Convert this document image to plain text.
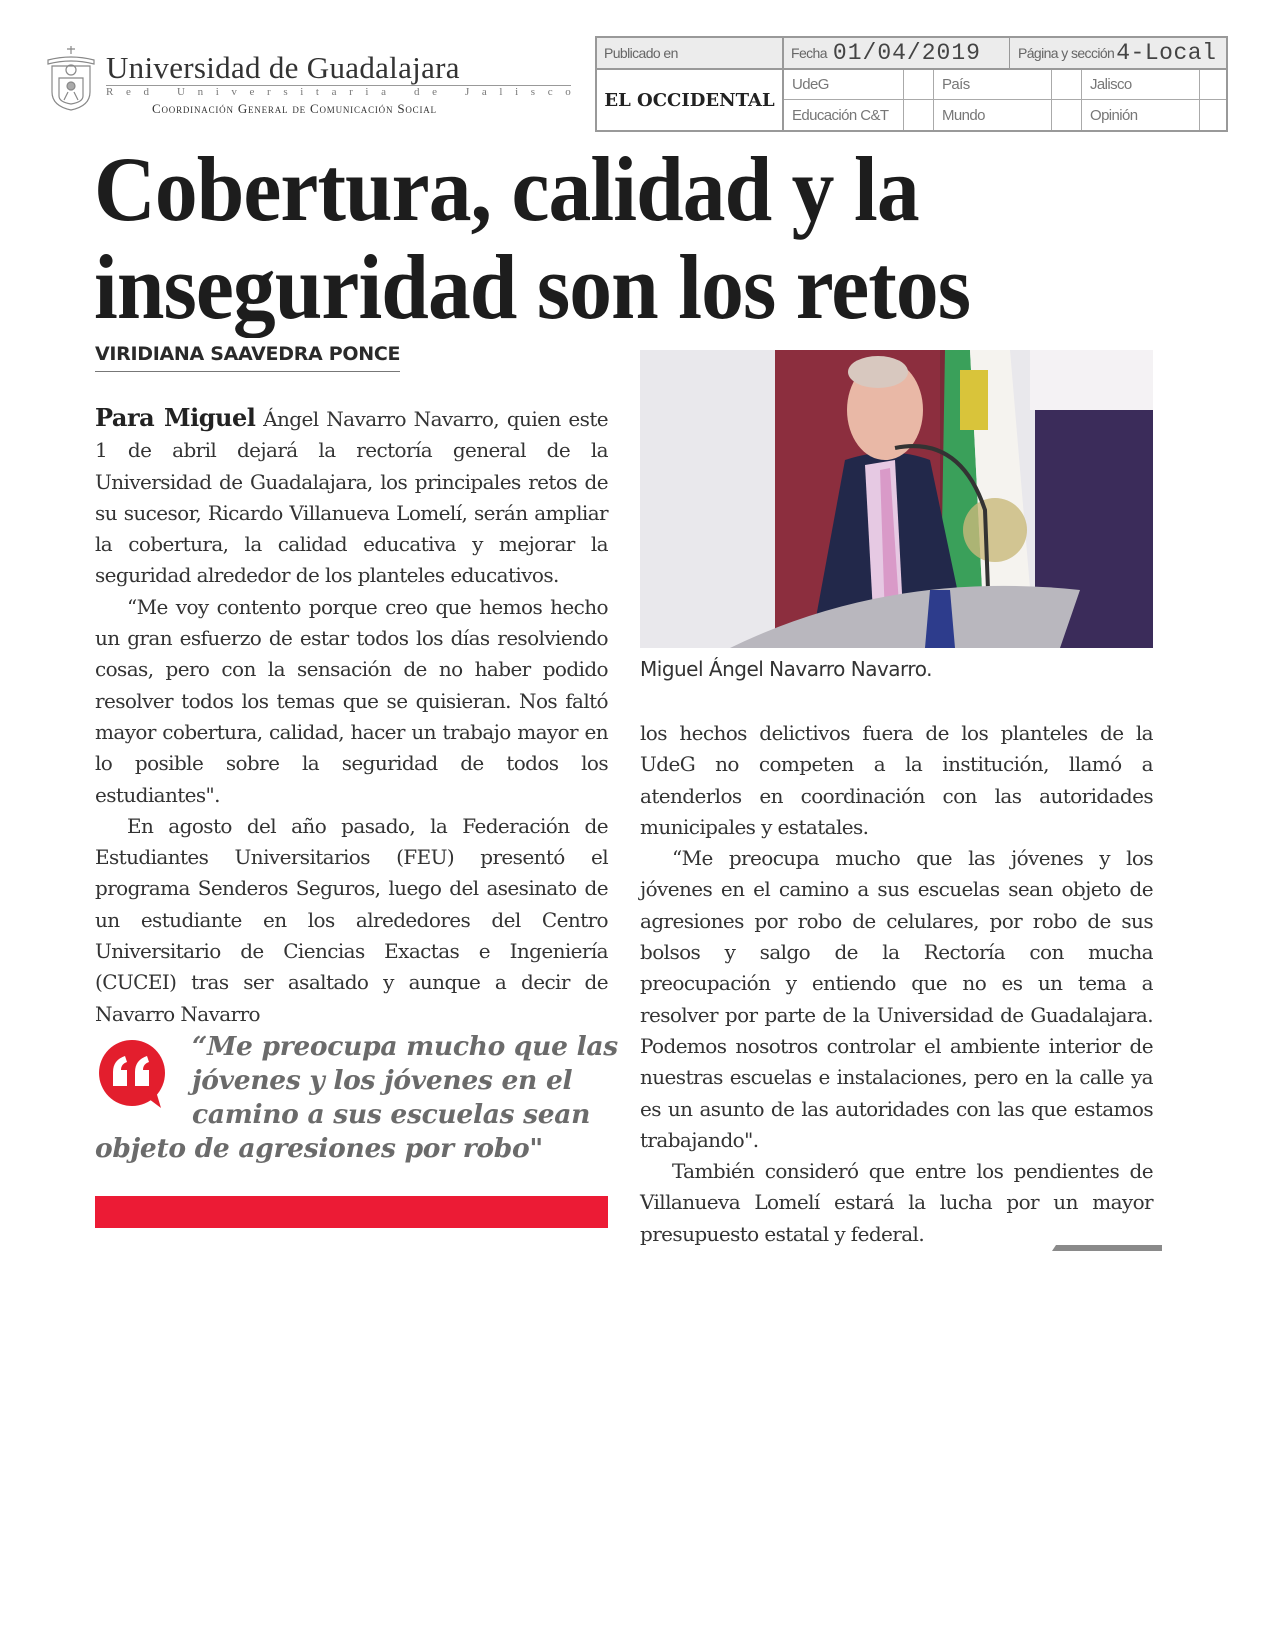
Universidad de Guadalajara
R e d
	U n i v e r s i t a r i a
	d e
	J a l i s c o
Coordinación General de Comunicación Social
Publicado en	Fecha 01/04/2019	Página y sección 4-Local
EL OCCIDENTAL
UdeG	País	Jalisco
Educación C&T	Mundo	Opinión
Cobertura, calidad y la
inseguridad son los retos
VIRIDIANA SAAVEDRA PONCE

Para Miguel Ángel Navarro Navarro, quien este 1 de abril dejará la rectoría general de la Universidad de Guadalajara, los principales retos de su sucesor, Ricardo Villanueva Lomelí, serán ampliar la cobertura, la calidad educativa y mejorar la seguridad alrededor de los planteles educativos.

“Me voy contento porque creo que hemos hecho un gran esfuerzo de estar todos los días resolviendo cosas, pero con la sensación de no haber podido resolver todos los temas que se quisieran. Nos faltó mayor cobertura, calidad, hacer un trabajo mayor en lo posible sobre la seguridad de todos los estudiantes".

En agosto del año pasado, la Federación de Estudiantes Universitarios (FEU) presentó el programa Senderos Seguros, luego del asesinato de un estudiante en los alrededores del Centro Universitario de Ciencias Exactas e Ingeniería (CUCEI) tras ser asaltado y aunque a decir de Navarro Navarro

“Me preocupa mucho que las
jóvenes y los jóvenes en el
camino a sus escuelas sean
objeto de agresiones por robo"
Miguel Ángel Navarro Navarro.

los hechos delictivos fuera de los planteles de la UdeG no competen a la institución, llamó a atenderlos en coordinación con las autoridades municipales y estatales.

“Me preocupa mucho que las jóvenes y los jóvenes en el camino a sus escuelas sean objeto de agresiones por robo de celulares, por robo de sus bolsos y salgo de la Rectoría con mucha preocupación y entiendo que no es un tema a resolver por parte de la Universidad de Guadalajara. Podemos nosotros controlar el ambiente interior de nuestras escuelas e instalaciones, pero en la calle ya es un asunto de las autoridades con las que estamos trabajando".

También consideró que entre los pendientes de Villanueva Lomelí estará la lucha por un mayor presupuesto estatal y federal.
